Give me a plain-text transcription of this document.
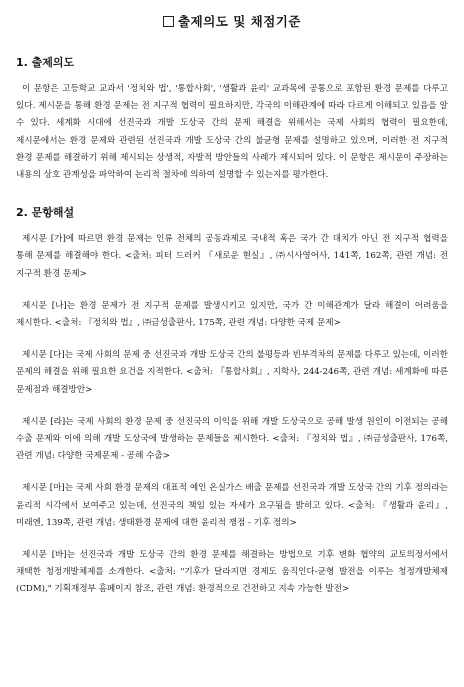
출제의도 및 채점기준
1. 출제의도

이 문항은 고등학교 교과서 '정치와 법', '통합사회', '생활과 윤리' 교과목에 공통으로 포함된 환경 문제를 다루고 있다. 제시문을 통해 환경 문제는 전 지구적 협력이 필요하지만, 각국의 이해관계에 따라 다르게 이해되고 있음을 알 수 있다. 세계화 시대에 선진국과 개발 도상국 간의 문제 해결을 위해서는 국제 사회의 협력이 필요한데, 제시문에서는 환경 문제와 관련된 선진국과 개발 도상국 간의 불균형 문제를 설명하고 있으며, 이러한 전 지구적 환경 문제를 해결하기 위해 제시되는 상생적, 자발적 방안들의 사례가 제시되어 있다. 이 문항은 제시문이 주장하는 내용의 상호 관계성을 파악하여 논리적 절차에 의하여 설명할 수 있는지를 평가한다.

2. 문항해설

제시문 [가]에 따르면 환경 문제는 인류 전체의 공동과제로 국내적 혹은 국가 간 대치가 아닌 전 지구적 협력을 통해 문제를 해결해야 한다. <출처: 피터 드러커 『새로운 현실』, ㈜시사영어사, 141쪽, 162쪽, 관련 개념: 전 지구적 환경 문제>

제시문 [나]는 환경 문제가 전 지구적 문제를 발생시키고 있지만, 국가 간 이해관계가 달라 해결이 어려움을 제시한다. <출처: 『정치와 법』, ㈜금성출판사, 175쪽, 관련 개념: 다양한 국제 문제>

제시문 [다]는 국제 사회의 문제 중 선진국과 개발 도상국 간의 불평등과 빈부격차의 문제를 다루고 있는데, 이러한 문제의 해결을 위해 필요한 요건을 지적한다. <출처: 『통합사회』, 지학사, 244-246쪽, 관련 개념: 세계화에 따른 문제점과 해결방안>

제시문 [라]는 국제 사회의 환경 문제 중 선진국의 이익을 위해 개발 도상국으로 공해 발생 원인이 이전되는 공해 수출 문제와 이에 의해 개발 도상국에 발생하는 문제들을 제시한다. <출처: 『정치와 법』, ㈜금성출판사, 176쪽, 관련 개념: 다양한 국제문제 - 공해 수출>

제시문 [마]는 국제 사회 환경 문제의 대표적 예인 온실가스 배출 문제를 선진국과 개발 도상국 간의 기후 정의라는 윤리적 시각에서 보여주고 있는데, 선진국의 책임 있는 자세가 요구됨을 밝히고 있다. <출처: 『생활과 윤리』, 미래엔, 139쪽, 관련 개념: 생태환경 문제에 대한 윤리적 쟁점 - 기후 정의>

제시문 [바]는 선진국과 개발 도상국 간의 환경 문제를 해결하는 방법으로 기후 변화 협약의 교토의정서에서 채택한 청정개발체제를 소개한다. <출처: "기후가 달라지면 경제도 움직인다-균형 발전을 이루는 청정개발체제(CDM)," 기획재정부 홈페이지 참조, 관련 개념: 환경적으로 건전하고 지속 가능한 발전>
